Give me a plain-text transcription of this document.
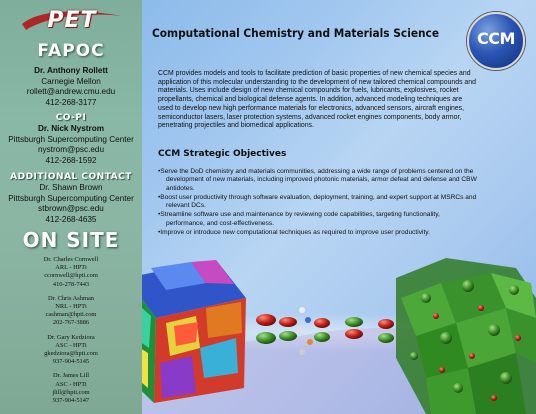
PET
FAPOC
Dr. Anthony Rollett
Carnegie Mellon
rollett@andrew.cmu.edu
412-268-3177
CO-PI
Dr. Nick Nystrom
Pittsburgh Supercomputing Center
nystrom@psc.edu
412-268-1592
ADDITIONAL CONTACT
Dr. Shawn Brown
Pittsburgh Supercomputing Center
stbrown@psc.edu
412-268-4635
ON SITE
Dr. Charles Cornwell
ARL - HPTi
ccornwell@hpti.com
410-278-7443
Dr. Chris Ashman
NRL - HPTi
cashman@hpti.com
202-767-3886
Dr. Gary Kedziora
ASC - HPTi
gkedziora@hpti.com
937-904-5145
Dr. James Lill
ASC - HPTi
jlill@hpti.com
937-904-5147
Computational Chemistry and Materials Science	CCM
CCM provides models and tools to facilitate prediction of basic properties of new chemical species and application of this molecular understanding to the development of new tailored chemical compounds and materials. Uses include design of new chemical compounds for fuels, lubricants, explosives, rocket propellants, chemical and biological defense agents. In addition, advanced modeling techniques are used to develop new high performance materials for electronics, advanced sensors, aircraft engines, semiconductor lasers, laser protection systems, advanced rocket engines components, body armor, penetrating projectiles and biomedical applications.
CCM Strategic Objectives
•Serve the DoD chemistry and materials communities, addressing a wide range of problems centered on the development of new materials, including improved photonic materials, armor defeat and defense and CBW antidotes.
•Boost user productivity through software evaluation, deployment, training, and expert support at MSRCs and relevant DCs.
•Streamline software use and maintenance by reviewing code capabilities, targeting functionality, performance, and cost-effectiveness.
•Improve or introduce new computational techniques as required to improve user productivity.
